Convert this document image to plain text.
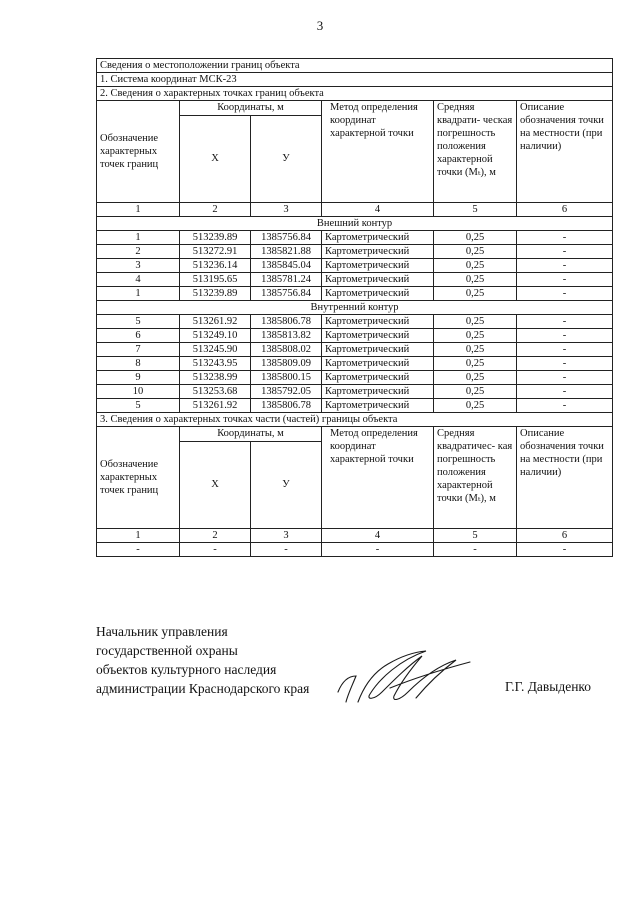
3
Сведения о местоположении границ объекта					
1. Система координат МСК-23					
2. Сведения о характерных точках границ объекта					
Обозначение характерных точек границ	Координаты, м		Метод определения координат характерной точки	Средняя квадрати- ческая погрешность положения характерной точки (Mₜ), м	Описание обозначения точки на местности (при наличии)
	X	У			
1	2	3	4	5	6
Внешний контур					
1	513239.89	1385756.84	Картометрический	0,25	-
2	513272.91	1385821.88	Картометрический	0,25	-
3	513236.14	1385845.04	Картометрический	0,25	-
4	513195.65	1385781.24	Картометрический	0,25	-
1	513239.89	1385756.84	Картометрический	0,25	-
Внутренний контур					
5	513261.92	1385806.78	Картометрический	0,25	-
6	513249.10	1385813.82	Картометрический	0,25	-
7	513245.90	1385808.02	Картометрический	0,25	-
8	513243.95	1385809.09	Картометрический	0,25	-
9	513238.99	1385800.15	Картометрический	0,25	-
10	513253.68	1385792.05	Картометрический	0,25	-
5	513261.92	1385806.78	Картометрический	0,25	-
3. Сведения о характерных точках части (частей) границы объекта					
Обозначение характерных точек границ	Координаты, м		Метод определения координат характерной точки	Средняя квадратичес- кая погрешность положения характерной точки (Mₜ), м	Описание обозначения точки на местности (при наличии)
	X	У			
1	2	3	4	5	6
-	-	-	-	-	-
Начальник управления
государственной охраны
объектов культурного наследия
администрации Краснодарского края	Г.Г. Давыденко
